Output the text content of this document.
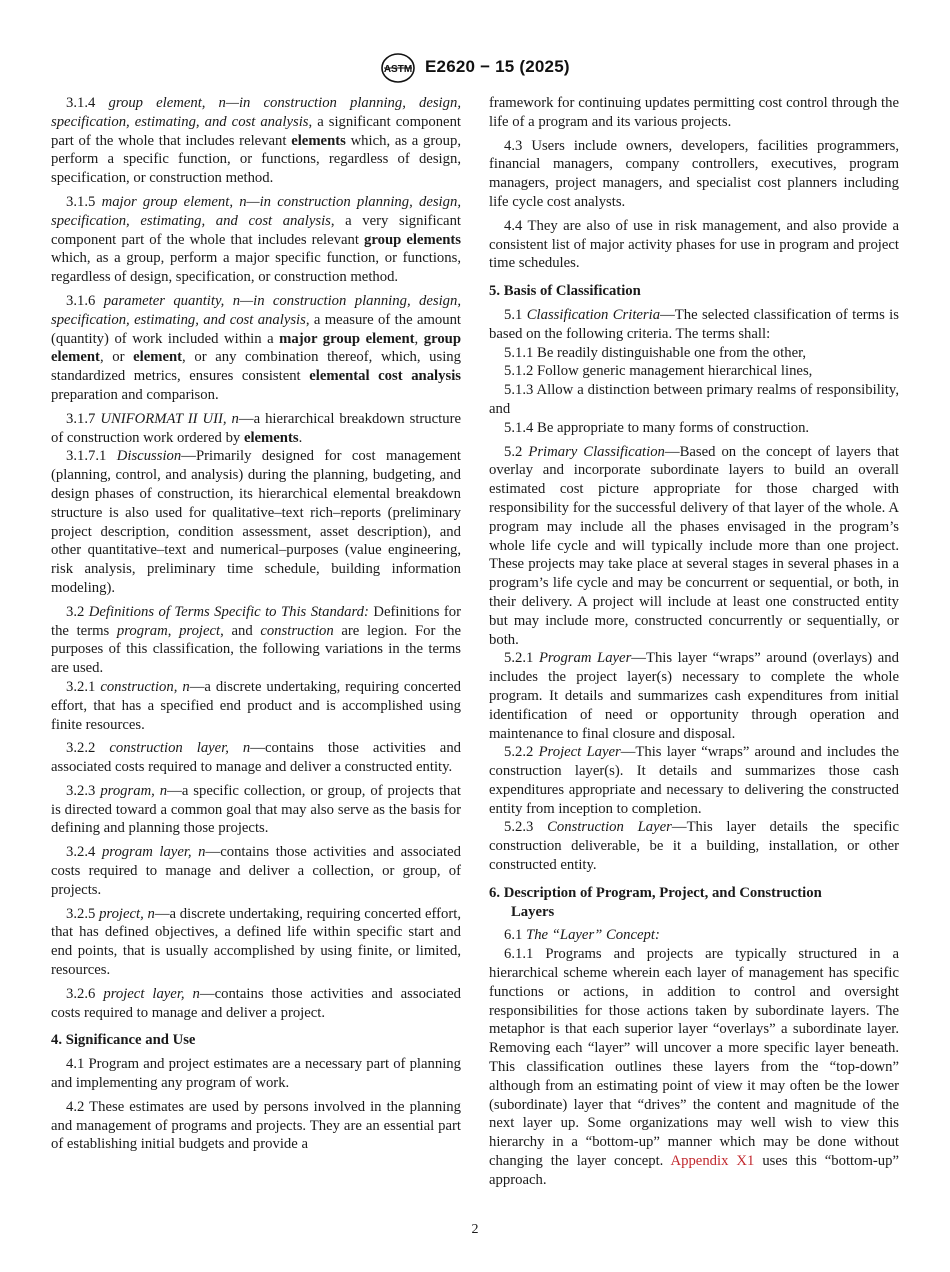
ASTM E2620 − 15 (2025)

3.1.4 group element, n—in construction planning, design, specification, estimating, and cost analysis, a significant component part of the whole that includes relevant elements which, as a group, perform a specific function, or functions, regardless of design, specification, or construction method.

3.1.5 major group element, n—in construction planning, design, specification, estimating, and cost analysis, a very significant component part of the whole that includes relevant group elements which, as a group, perform a major specific function, or functions, regardless of design, specification, or construction method.

3.1.6 parameter quantity, n—in construction planning, design, specification, estimating, and cost analysis, a measure of the amount (quantity) of work included within a major group element, group element, or element, or any combination thereof, which, using standardized metrics, ensures consistent elemental cost analysis preparation and comparison.

3.1.7 UNIFORMAT II UII, n—a hierarchical breakdown structure of construction work ordered by elements.

3.1.7.1 Discussion—Primarily designed for cost management (planning, control, and analysis) during the planning, budgeting, and design phases of construction, its hierarchical elemental breakdown structure is also used for qualitative–text rich–reports (preliminary project description, condition assessment, asset description), and other quantitative–text and numerical–purposes (value engineering, risk analysis, preliminary time schedule, building information modeling).

3.2 Definitions of Terms Specific to This Standard: Definitions for the terms program, project, and construction are legion. For the purposes of this classification, the following variations in the terms are used.

3.2.1 construction, n—a discrete undertaking, requiring concerted effort, that has a specified end product and is accomplished using finite resources.

3.2.2 construction layer, n—contains those activities and associated costs required to manage and deliver a constructed entity.

3.2.3 program, n—a specific collection, or group, of projects that is directed toward a common goal that may also serve as the basis for defining and planning those projects.

3.2.4 program layer, n—contains those activities and associated costs required to manage and deliver a collection, or group, of projects.

3.2.5 project, n—a discrete undertaking, requiring concerted effort, that has defined objectives, a defined life within specific start and end points, that is usually accomplished by using finite, or limited, resources.

3.2.6 project layer, n—contains those activities and associated costs required to manage and deliver a project.

4. Significance and Use

4.1 Program and project estimates are a necessary part of planning and implementing any program of work.

4.2 These estimates are used by persons involved in the planning and management of programs and projects. They are an essential part of establishing initial budgets and provide a

framework for continuing updates permitting cost control through the life of a program and its various projects.

4.3 Users include owners, developers, facilities programmers, financial managers, company controllers, executives, program managers, project managers, and specialist cost planners including life cycle cost analysts.

4.4 They are also of use in risk management, and also provide a consistent list of major activity phases for use in program and project time schedules.

5. Basis of Classification

5.1 Classification Criteria—The selected classification of terms is based on the following criteria. The terms shall:

5.1.1 Be readily distinguishable one from the other,

5.1.2 Follow generic management hierarchical lines,

5.1.3 Allow a distinction between primary realms of responsibility, and

5.1.4 Be appropriate to many forms of construction.

5.2 Primary Classification—Based on the concept of layers that overlay and incorporate subordinate layers to build an overall estimated cost picture appropriate for those charged with responsibility for the successful delivery of that layer of the whole. A program may include all the phases envisaged in the program’s whole life cycle and will typically include more than one project. These projects may take place at several stages in several phases in a program’s life cycle and may be concurrent or sequential, or both, in their delivery. A project will include at least one constructed entity but may include more, constructed concurrently or sequentially, or both.

5.2.1 Program Layer—This layer “wraps” around (overlays) and includes the project layer(s) necessary to complete the whole program. It details and summarizes cash expenditures from initial identification of need or opportunity through operation and maintenance to final closure and disposal.

5.2.2 Project Layer—This layer “wraps” around and includes the construction layer(s). It details and summarizes those cash expenditures appropriate and necessary to delivering the constructed entity from inception to completion.

5.2.3 Construction Layer—This layer details the specific construction deliverable, be it a building, installation, or other constructed entity.

6. Description of Program, Project, and Construction
Layers

6.1 The “Layer” Concept:

6.1.1 Programs and projects are typically structured in a hierarchical scheme wherein each layer of management has specific functions or actions, in addition to control and oversight responsibilities for those actions taken by subordinate layers. The metaphor is that each superior layer “overlays” a subordinate layer. Removing each “layer” will uncover a more specific layer beneath. This classification outlines these layers from the “top-down” although from an estimating point of view it may often be the lower (subordinate) layer that “drives” the content and magnitude of the next layer up. Some organizations may well wish to view this hierarchy in a “bottom-up” manner which may be done without changing the layer concept. Appendix X1 uses this “bottom-up” approach.

2
